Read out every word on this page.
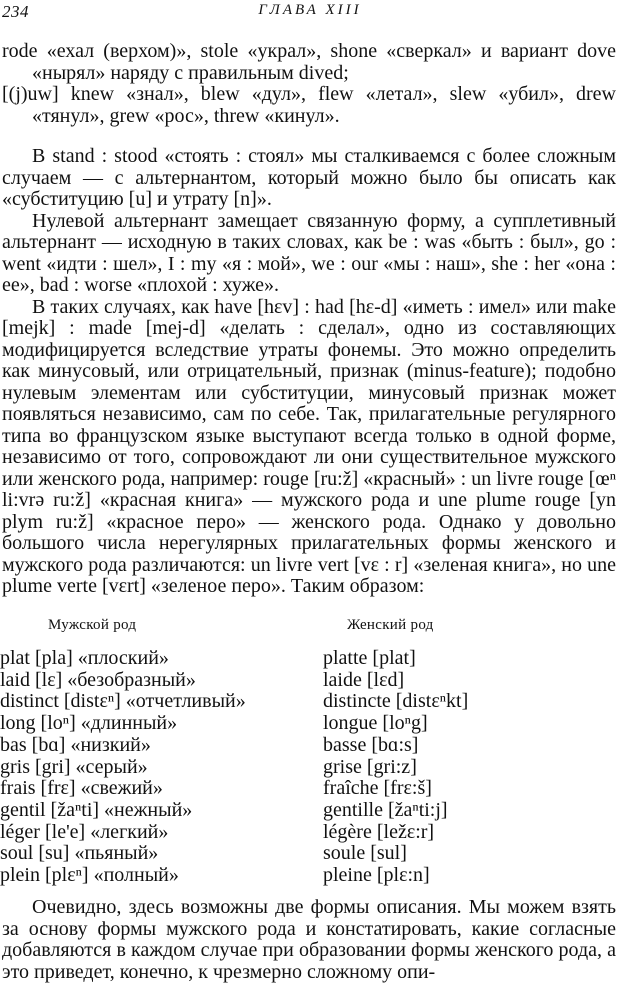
234	ГЛАВА XIII

rode «ехал (верхом)», stole «украл», shone «сверкал» и вариант dove «нырял» наряду с правильным dived;

[(j)uw] knew «знал», blew «дул», flew «летал», slew «убил», drew «тянул», grew «рос», threw «кинул».

В stand : stood «стоять : стоял» мы сталкиваемся с более сложным случаем — с альтернантом, который можно было бы описать как «субституцию [u] и утрату [n]».

Нулевой альтернант замещает связанную форму, а супплетивный альтернант — исходную в таких словах, как be : was «быть : был», go : went «идти : шел», I : my «я : мой», we : our «мы : наш», she : her «она : ее», bad : worse «плохой : хуже».

В таких случаях, как have [hɛv] : had [hɛ-d] «иметь : имел» или make [mejk] : made [mej-d] «делать : сделал», одно из составляющих модифицируется вследствие утраты фонемы. Это можно определить как минусовый, или отрицательный, признак (minus-feature); подобно нулевым элементам или субституции, минусовый признак может появляться независимо, сам по себе. Так, прилагательные регулярного типа во французском языке выступают всегда только в одной форме, независимо от того, сопровождают ли они существительное мужского или женского рода, например: rouge [ru:ž] «красный» : un livre rouge [œⁿ li:vrə ru:ž] «красная книга» — мужского рода и une plume rouge [yn plym ru:ž] «красное перо» — женского рода. Однако у довольно большого числа нерегулярных прилагательных формы женского и мужского рода различаются: un livre vert [vɛ : r] «зеленая книга», но une plume verte [vɛrt] «зеленое перо». Таким образом:

Мужской род
plat [pla] «плоский»
laid [lɛ] «безобразный»
distinct [distɛⁿ] «отчетливый»
long [loⁿ] «длинный»
bas [bɑ] «низкий»
gris [gri] «серый»
frais [frɛ] «свежий»
gentil [žaⁿti] «нежный»
léger [le'e] «легкий»
soul [su] «пьяный»
plein [plɛⁿ] «полный»
Женский род
platte [plat]
laide [lɛd]
distincte [distɛⁿkt]
longue [loⁿg]
basse [bɑ:s]
grise [gri:z]
fraîche [frɛ:š]
gentille [žaⁿti:j]
légère [ležɛ:r]
soule [sul]
pleine [plɛ:n]

Очевидно, здесь возможны две формы описания. Мы можем взять за основу формы мужского рода и констатировать, какие согласные добавляются в каждом случае при образовании формы женского рода, а это приведет, конечно, к чрезмерно сложному опи-
